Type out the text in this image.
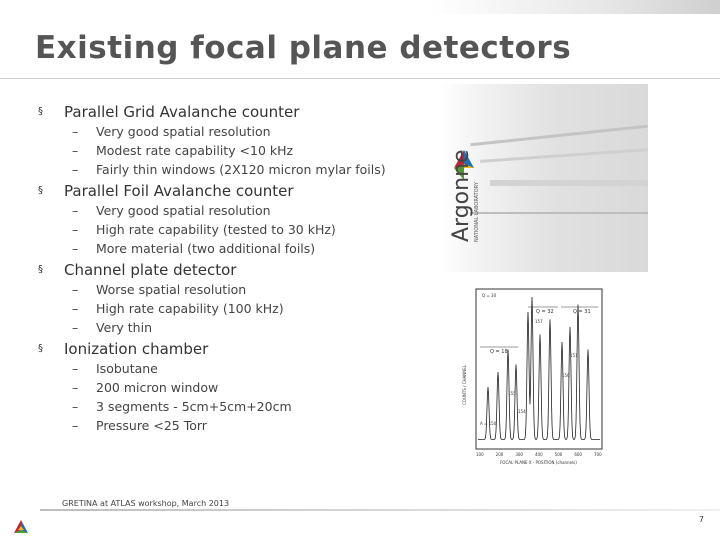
Existing focal plane detectors
§ Parallel Grid Avalanche counter
– Very good spatial resolution
– Modest rate capability <10 kHz
– Fairly thin windows (2X120 micron mylar foils)
§ Parallel Foil Avalanche counter
– Very good spatial resolution
– High rate capability (tested to 30 kHz)
– More material (two additional foils)
§ Channel plate detector
– Worse spatial resolution
– High rate capability (100 kHz)
– Very thin
§ Ionization chamber
– Isobutane
– 200 micron window
– 3 segments - 5cm+5cm+20cm
– Pressure <25 Torr
Argonne NATIONAL LABORATORY
COUNTS / CHANNEL
FOCAL PLANE X - POSITION (channels)
100	200	300	400	500	600	700
Q = 32	Q = 31
Q = 18
Q = 30
157
151
156
155
154
A = 150
GRETINA at ATLAS workshop, March 2013
7
